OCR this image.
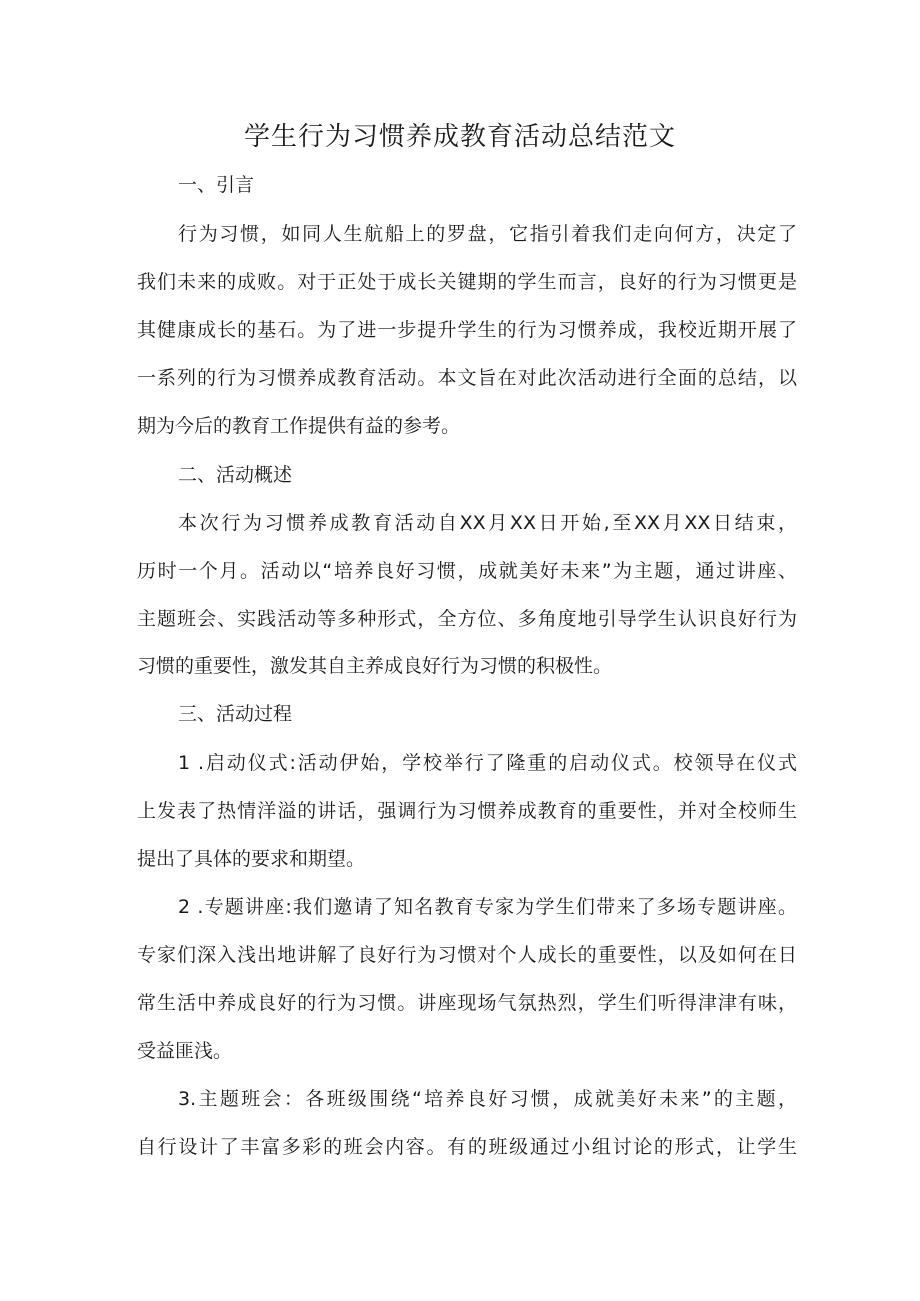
学生行为习惯养成教育活动总结范文
一、引言
行为习惯，如同人生航船上的罗盘，它指引着我们走向何方，决定了
我们未来的成败。对于正处于成长关键期的学生而言，良好的行为习惯更是
其健康成长的基石。为了进一步提升学生的行为习惯养成，我校近期开展了
一系列的行为习惯养成教育活动。本文旨在对此次活动进行全面的总结，以
期为今后的教育工作提供有益的参考。
二、活动概述
本次行为习惯养成教育活动自XX月XX日开始,至XX月XX日结束，
历时一个月。活动以“培养良好习惯，成就美好未来”为主题，通过讲座、
主题班会、实践活动等多种形式，全方位、多角度地引导学生认识良好行为
习惯的重要性，激发其自主养成良好行为习惯的积极性。
三、活动过程
1 .启动仪式:活动伊始，学校举行了隆重的启动仪式。校领导在仪式
上发表了热情洋溢的讲话，强调行为习惯养成教育的重要性，并对全校师生
提出了具体的要求和期望。
2 .专题讲座:我们邀请了知名教育专家为学生们带来了多场专题讲座。
专家们深入浅出地讲解了良好行为习惯对个人成长的重要性，以及如何在日
常生活中养成良好的行为习惯。讲座现场气氛热烈，学生们听得津津有味，
受益匪浅。
3.主题班会：各班级围绕“培养良好习惯，成就美好未来”的主题，
自行设计了丰富多彩的班会内容。有的班级通过小组讨论的形式，让学生
